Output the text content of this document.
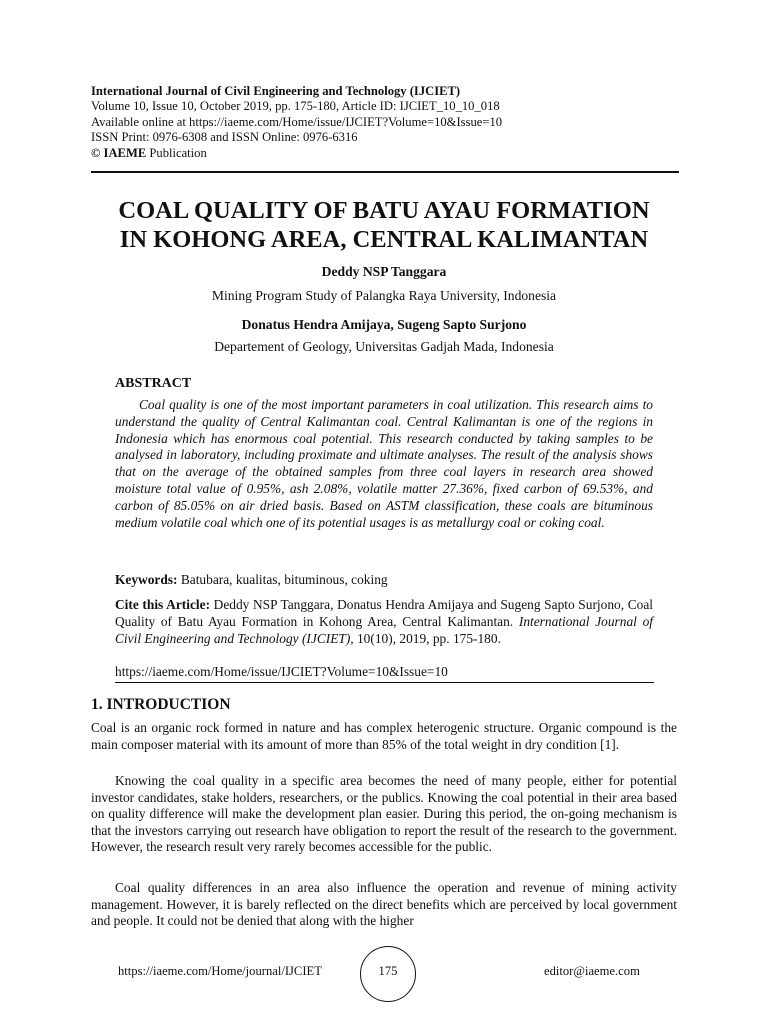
International Journal of Civil Engineering and Technology (IJCIET)
Volume 10, Issue 10, October 2019, pp. 175-180, Article ID: IJCIET_10_10_018
Available online at https://iaeme.com/Home/issue/IJCIET?Volume=10&Issue=10
ISSN Print: 0976-6308 and ISSN Online: 0976-6316
© IAEME Publication
COAL QUALITY OF BATU AYAU FORMATION
IN KOHONG AREA, CENTRAL KALIMANTAN
Deddy NSP Tanggara
Mining Program Study of Palangka Raya University, Indonesia
Donatus Hendra Amijaya, Sugeng Sapto Surjono
Departement of Geology, Universitas Gadjah Mada, Indonesia
ABSTRACT

Coal quality is one of the most important parameters in coal utilization. This research aims to understand the quality of Central Kalimantan coal. Central Kalimantan is one of the regions in Indonesia which has enormous coal potential. This research conducted by taking samples to be analysed in laboratory, including proximate and ultimate analyses. The result of the analysis shows that on the average of the obtained samples from three coal layers in research area showed moisture total value of 0.95%, ash 2.08%, volatile matter 27.36%, fixed carbon of 69.53%, and carbon of 85.05% on air dried basis. Based on ASTM classification, these coals are bituminous medium volatile coal which one of its potential usages is as metallurgy coal or coking coal.

Keywords: Batubara, kualitas, bituminous, coking

Cite this Article: Deddy NSP Tanggara, Donatus Hendra Amijaya and Sugeng Sapto Surjono, Coal Quality of Batu Ayau Formation in Kohong Area, Central Kalimantan. International Journal of Civil Engineering and Technology (IJCIET), 10(10), 2019, pp. 175-180.

https://iaeme.com/Home/issue/IJCIET?Volume=10&Issue=10
1. INTRODUCTION

Coal is an organic rock formed in nature and has complex heterogenic structure. Organic compound is the main composer material with its amount of more than 85% of the total weight in dry condition [1].

Knowing the coal quality in a specific area becomes the need of many people, either for potential investor candidates, stake holders, researchers, or the publics. Knowing the coal potential in their area based on quality difference will make the development plan easier. During this period, the on-going mechanism is that the investors carrying out research have obligation to report the result of the research to the government. However, the research result very rarely becomes accessible for the public.

Coal quality differences in an area also influence the operation and revenue of mining activity management. However, it is barely reflected on the direct benefits which are perceived by local government and people. It could not be denied that along with the higher

https://iaeme.com/Home/journal/IJCIET	175	editor@iaeme.com
